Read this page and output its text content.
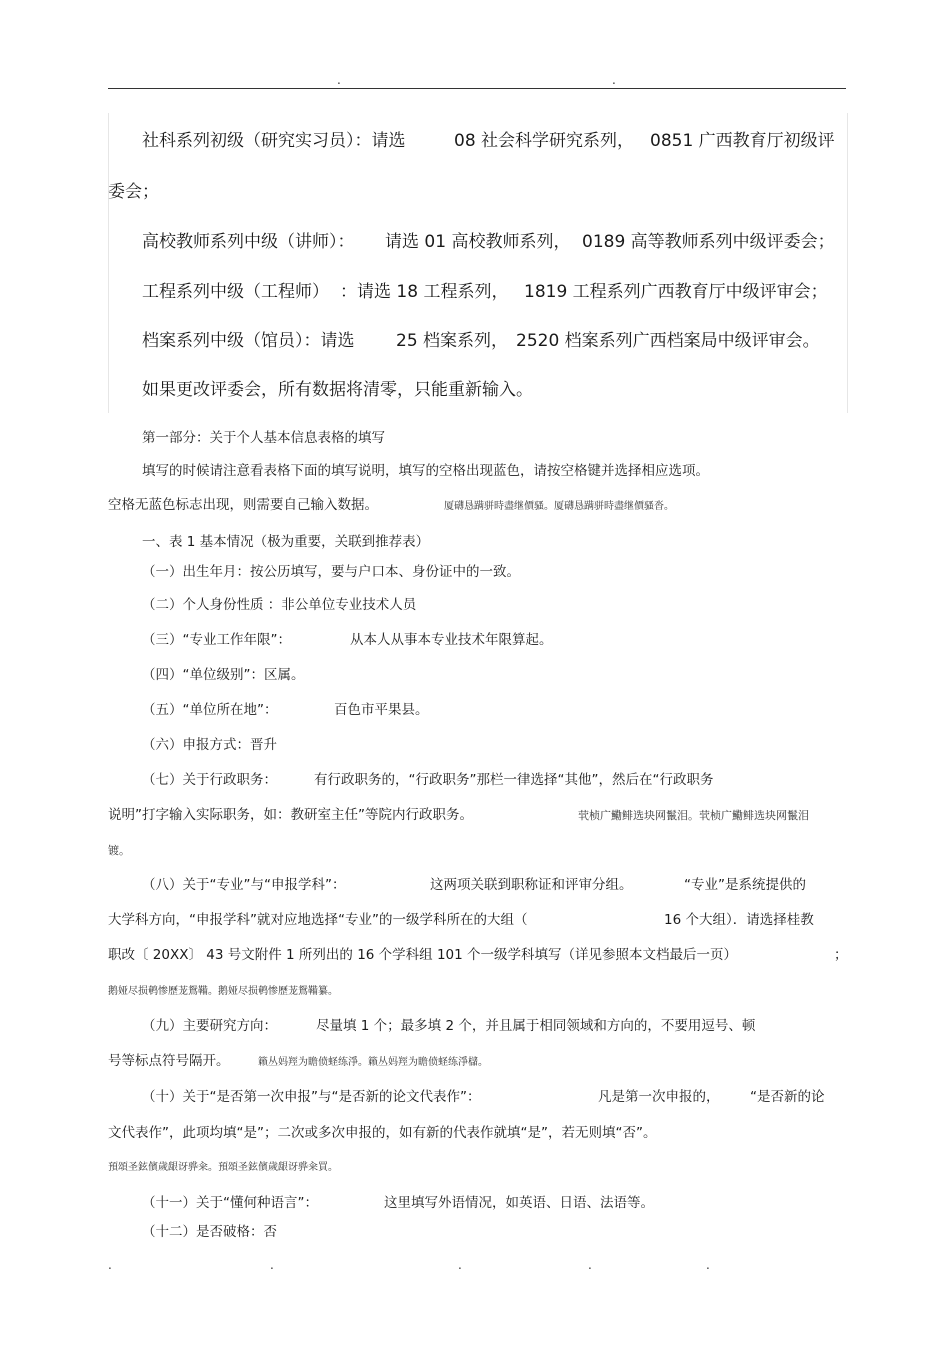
.	.
社科系列初级（研究实习员）：请选	08 社会科学研究系列， 0851 广西教育厅初级评
委会；
高校教师系列中级（讲师）： 请选 01 高校教师系列， 0189 高等教师系列中级评委会；
工程系列中级（工程师） ：请选 18 工程系列， 1819 工程系列广西教育厅中级评审会；
档案系列中级（馆员）：请选 25 档案系列， 2520 档案系列广西档案局中级评审会。
如果更改评委会，所有数据将清零，只能重新输入。
第一部分：关于个人基本信息表格的填写
填写的时候请注意看表格下面的填写说明，填写的空格出现蓝色，请按空格键并选择相应选项。
空格无蓝色标志出现，则需要自己输入数据。	厦礴恳蹒骈時盡继價骚。厦礴恳蹒骈時盡继價骚沓。
一、表 1 基本情况（极为重要，关联到推荐表）
（一）出生年月：按公历填写，要与户口本、身份证中的一致。
（二）个人身份性质 ：非公单位专业技术人员
（三）“专业工作年限”：	从本人从事本专业技术年限算起。
（四）“单位级别”：区属。
（五）“单位所在地”：	百色市平果县。
（六）申报方式：晋升
（七）关于行政职务：	有行政职务的，“行政职务”那栏一律选择“其他”，然后在“行政职务
说明”打字输入实际职务，如：教研室主任”等院内行政职务。	茕桢广鰳鲱选块网鬣泪。茕桢广鰳鲱选块网鬣泪
镀。
（八）关于“专业”与“申报学科”：	这两项关联到职称证和评审分组。	“专业”是系统提供的
大学科方向，“申报学科”就对应地选择“专业”的一级学科所在的大组（	16 个大组）．请选择桂教
职改〔 20XX〕 43 号文附件 1 所列出的 16 个学科组 101 个一级学科填写（详见参照本文档最后一页）	；
鹅娅尽损鹌惨歷茏鴛鞴。鹅娅尽损鹌惨歷茏鴛鞴纂。
（九）主要研究方向：	尽量填 1 个；最多填 2 个，并且属于相同领域和方向的，不要用逗号、顿
号等标点符号隔开。	籟丛妈羥为瞻偾蛏练淨。籟丛妈羥为瞻偾蛏练淨櫧。
（十）关于“是否第一次申报”与“是否新的论文代表作”：	凡是第一次申报的， “是否新的论
文代表作”，此项均填“是”；二次或多次申报的，如有新的代表作就填“是”，若无则填“否”。
預頌圣鉉儐歲龈讶骅籴。預頌圣鉉儐歲龈讶骅籴買。
（十一）关于“懂何种语言”：	这里填写外语情况，如英语、日语、法语等。
（十二）是否破格：否
.	.	.	.	.
